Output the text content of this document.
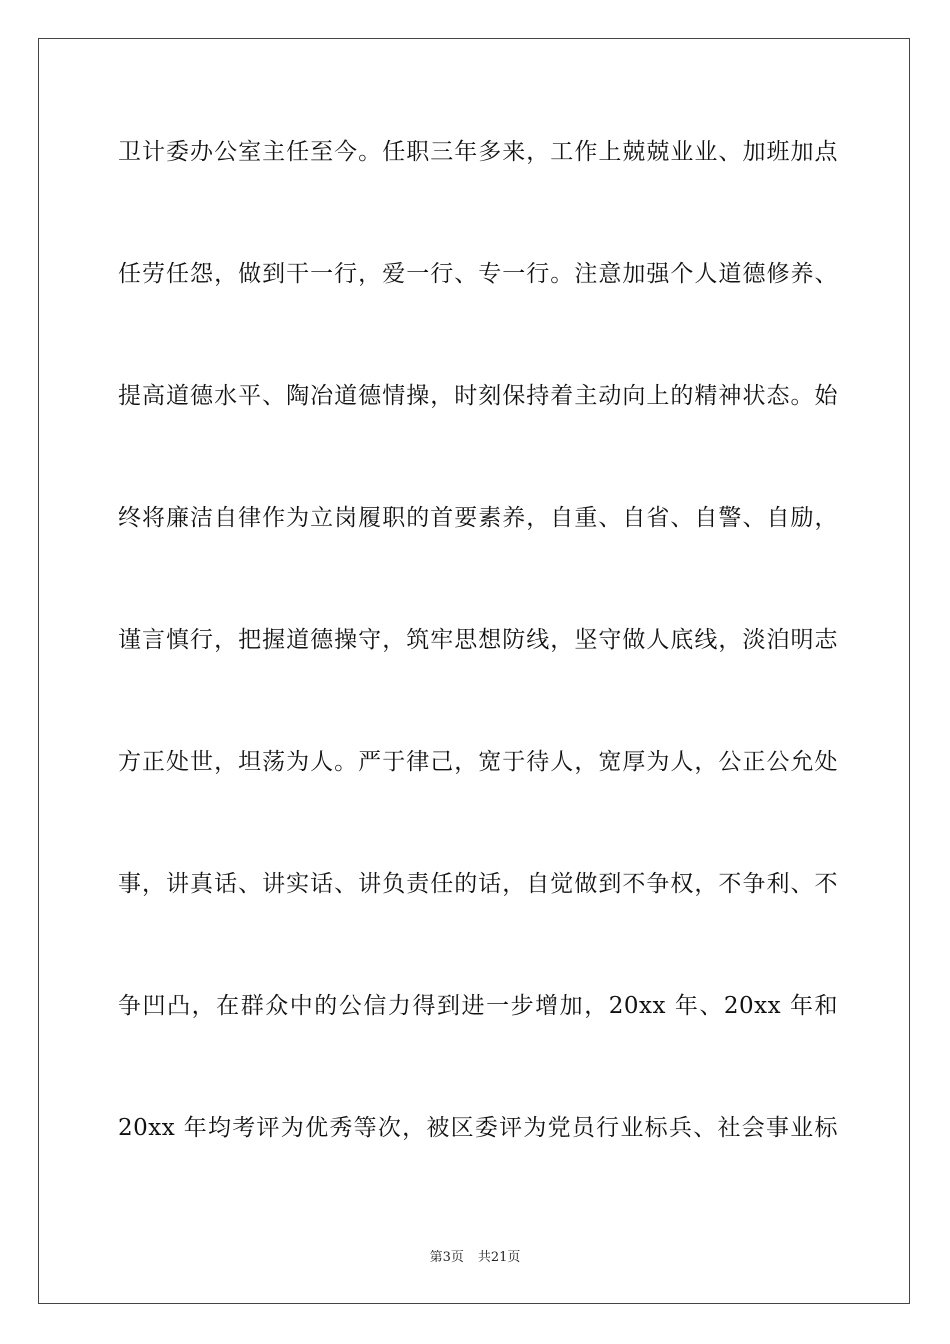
卫计委办公室主任至今。任职三年多来，工作上兢兢业业、加班加点
任劳任怨，做到干一行，爱一行、专一行。注意加强个人道德修养、
提高道德水平、陶冶道德情操，时刻保持着主动向上的精神状态。始
终将廉洁自律作为立岗履职的首要素养，自重、自省、自警、自励，
谨言慎行，把握道德操守，筑牢思想防线，坚守做人底线，淡泊明志
方正处世，坦荡为人。严于律己，宽于待人，宽厚为人，公正公允处
事，讲真话、讲实话、讲负责任的话，自觉做到不争权，不争利、不
争凹凸，在群众中的公信力得到进一步增加，20xx 年、20xx 年和
20xx 年均考评为优秀等次，被区委评为党员行业标兵、社会事业标
第3页 共21页
